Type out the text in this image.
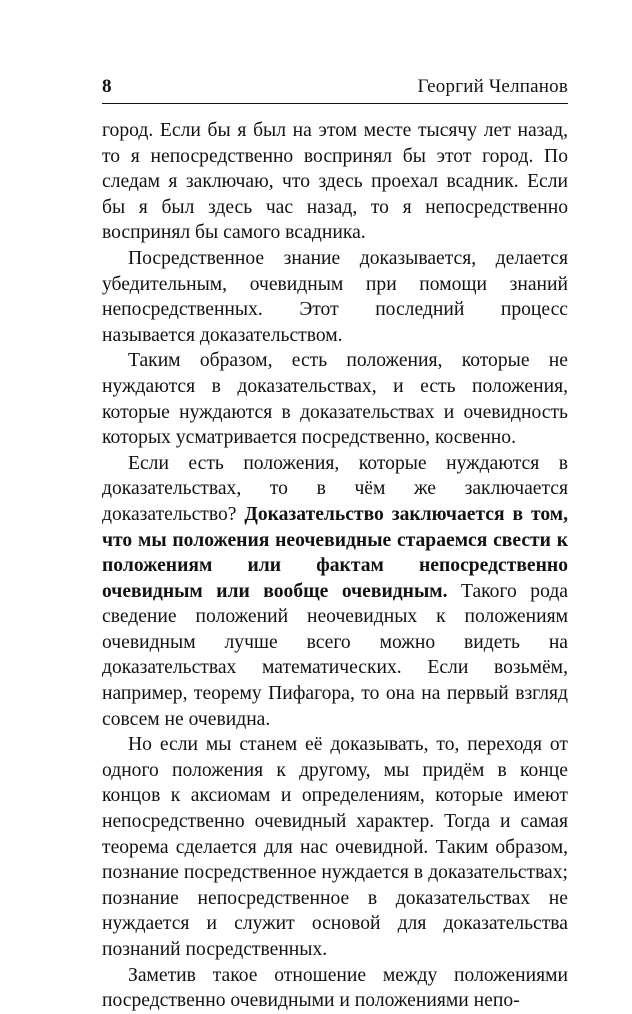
8	Георгий Челпанов

город. Если бы я был на этом месте тысячу лет назад, то я непосредственно воспринял бы этот город. По следам я заключаю, что здесь проехал всадник. Если бы я был здесь час назад, то я непосредственно воспринял бы самого всадника.

Посредственное знание доказывается, делается убедительным, очевидным при помощи знаний непосредственных. Этот последний процесс называется доказательством.

Таким образом, есть положения, которые не нуждаются в доказательствах, и есть положения, которые нуждаются в доказательствах и очевидность которых усматривается посредственно, косвенно.

Если есть положения, которые нуждаются в доказательствах, то в чём же заключается доказательство? Доказательство заключается в том, что мы положения неочевидные стараемся свести к положениям или фактам непосредственно очевидным или вообще очевидным. Такого рода сведение положений неочевидных к положениям очевидным лучше всего можно видеть на доказательствах математических. Если возьмём, например, теорему Пифагора, то она на первый взгляд совсем не очевидна.

Но если мы станем её доказывать, то, переходя от одного положения к другому, мы придём в конце концов к аксиомам и определениям, которые имеют непосредственно очевидный характер. Тогда и самая теорема сделается для нас очевидной. Таким образом, познание посредственное нуждается в доказательствах; познание непосредственное в доказательствах не нуждается и служит основой для доказательства познаний посредственных.

Заметив такое отношение между положениями посредственно очевидными и положениями непо-
